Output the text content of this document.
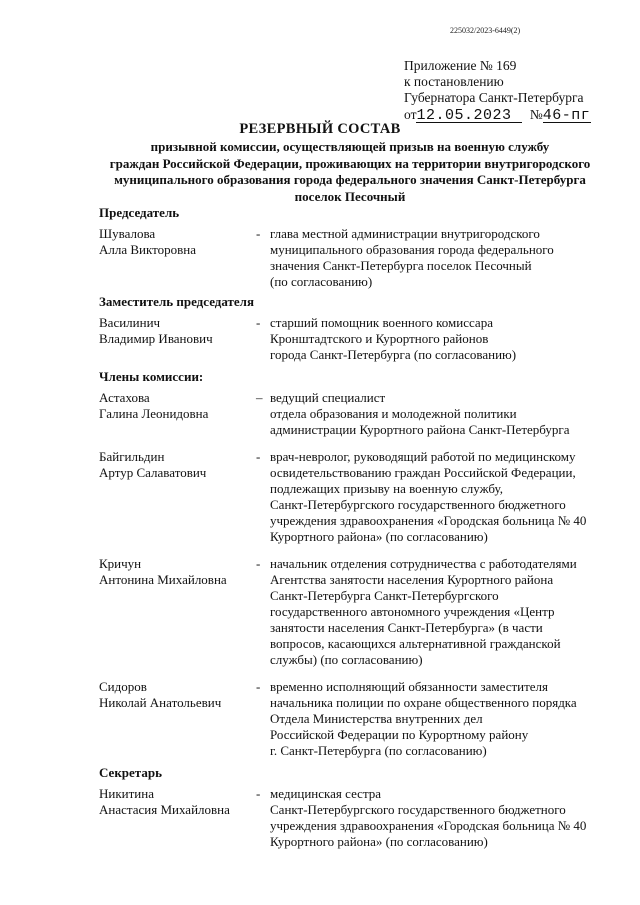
225032/2023-6449(2)
Приложение № 169
к постановлению
Губернатора Санкт-Петербурга
от12.05.2023 №46-пг
РЕЗЕРВНЫЙ СОСТАВ
призывной комиссии, осуществляющей призыв на военную службу
граждан Российской Федерации, проживающих на территории внутригородского
муниципального образования города федерального значения Санкт-Петербурга
поселок Песочный

Председатель

Шувалова
Алла Викторовна
- глава местной администрации внутригородского
муниципального образования города федерального
значения Санкт-Петербурга поселок Песочный
(по согласованию)

Заместитель председателя

Василинич
Владимир Иванович
- старший помощник военного комиссара
Кронштадтского и Курортного районов
города Санкт-Петербурга (по согласованию)

Члены комиссии:

Астахова
Галина Леонидовна
– ведущий специалист
отдела образования и молодежной политики
администрации Курортного района Санкт-Петербурга
Байгильдин
Артур Салаватович
- врач-невролог, руководящий работой по медицинскому
освидетельствованию граждан Российской Федерации,
подлежащих призыву на военную службу,
Санкт-Петербургского государственного бюджетного
учреждения здравоохранения «Городская больница № 40
Курортного района» (по согласованию)
Кричун
Антонина Михайловна
- начальник отделения сотрудничества с работодателями
Агентства занятости населения Курортного района
Санкт-Петербурга Санкт-Петербургского
государственного автономного учреждения «Центр
занятости населения Санкт-Петербурга» (в части
вопросов, касающихся альтернативной гражданской
службы) (по согласованию)
Сидоров
Николай Анатольевич
- временно исполняющий обязанности заместителя
начальника полиции по охране общественного порядка
Отдела Министерства внутренних дел
Российской Федерации по Курортному району
г. Санкт-Петербурга (по согласованию)

Секретарь

Никитина
Анастасия Михайловна
- медицинская сестра
Санкт-Петербургского государственного бюджетного
учреждения здравоохранения «Городская больница № 40
Курортного района» (по согласованию)
